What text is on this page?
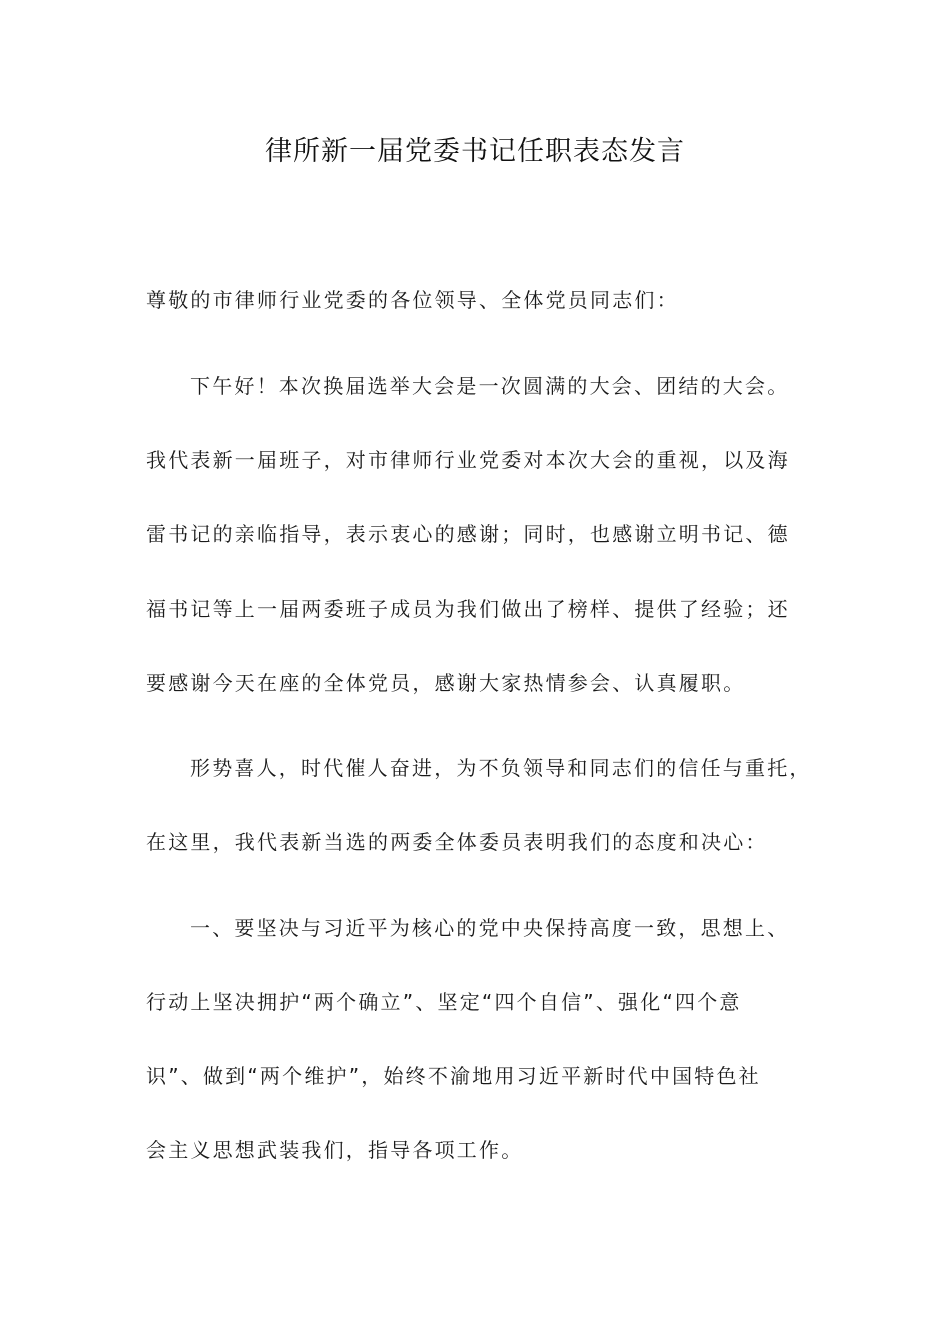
律所新一届党委书记任职表态发言
尊敬的市律师行业党委的各位领导、全体党员同志们：
下午好！本次换届选举大会是一次圆满的大会、团结的大会。
我代表新一届班子，对市律师行业党委对本次大会的重视，以及海
雷书记的亲临指导，表示衷心的感谢；同时，也感谢立明书记、德
福书记等上一届两委班子成员为我们做出了榜样、提供了经验；还
要感谢今天在座的全体党员，感谢大家热情参会、认真履职。
形势喜人，时代催人奋进，为不负领导和同志们的信任与重托，
在这里，我代表新当选的两委全体委员表明我们的态度和决心：
一、要坚决与习近平为核心的党中央保持高度一致，思想上、
行动上坚决拥护“两个确立”、坚定“四个自信”、强化“四个意
识”、做到“两个维护”，始终不渝地用习近平新时代中国特色社
会主义思想武装我们，指导各项工作。
